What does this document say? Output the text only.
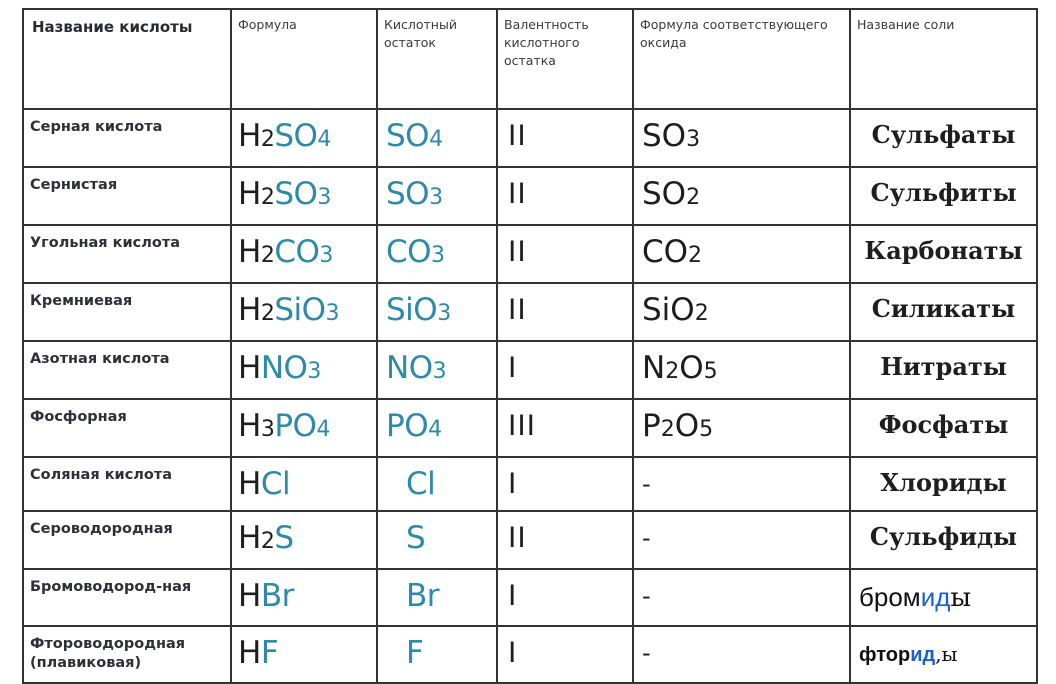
Название кислоты	Формула	Кислотный остаток	Валентность кислотного остатка	Формула соответствующего оксида	Название соли

Серная кислота	H2SO4	SO4	II	SO3	Сульфаты

Сернистая	H2SO3	SO3	II	SO2	Сульфиты

Угольная кислота	H2CO3	CO3	II	CO2	Карбонаты

Кремниевая	H2SiO3	SiO3	II	SiO2	Силикаты

Азотная кислота	HNO3	NO3	I	N2O5	Нитраты

Фосфорная	H3PO4	PO4	III	P2O5	Фосфаты

Соляная кислота	HCl	Cl	I	-	Хлориды

Сероводородная	H2S	S	II	-	Сульфиды

Бромоводород-ная	HBr	Br	I	-	бромиды

Фтороводородная (плавиковая)	HF	F	I	-	фторид,ы
